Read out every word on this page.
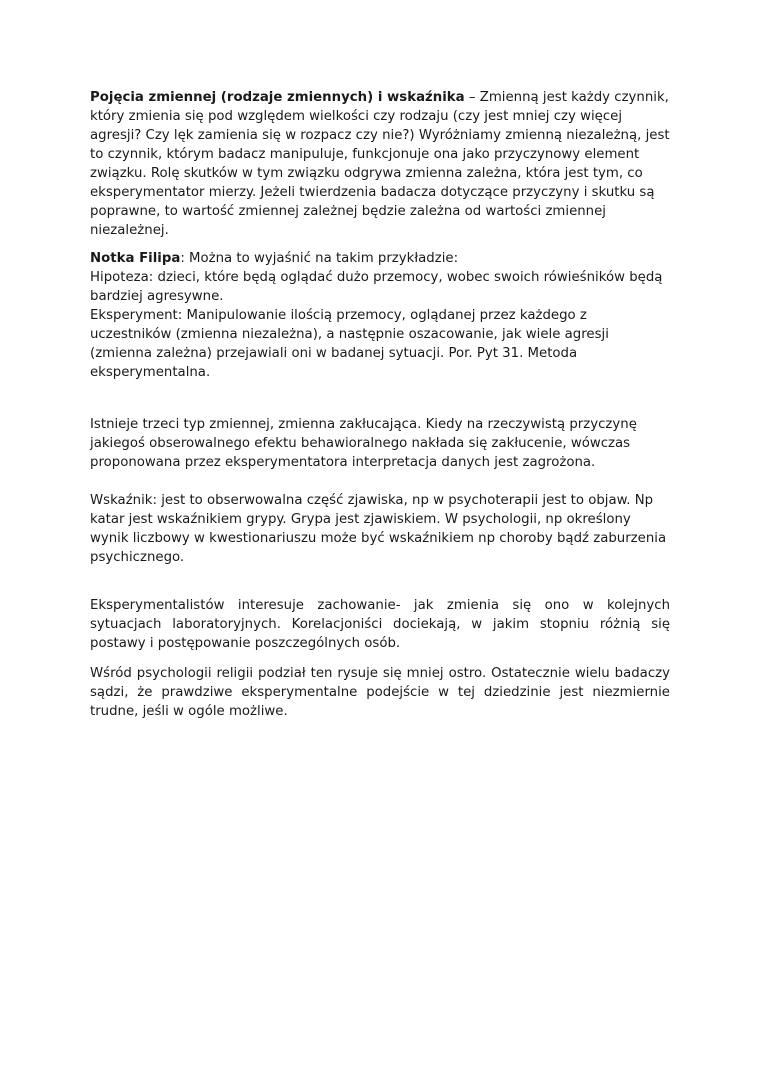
Pojęcia zmiennej (rodzaje zmiennych) i wskaźnika – Zmienną jest każdy czynnik, który zmienia się pod względem wielkości czy rodzaju (czy jest mniej czy więcej agresji? Czy lęk zamienia się w rozpacz czy nie?) Wyróżniamy zmienną niezależną, jest to czynnik, którym badacz manipuluje, funkcjonuje ona jako przyczynowy element związku. Rolę skutków w tym związku odgrywa zmienna zależna, która jest tym, co eksperymentator mierzy. Jeżeli twierdzenia badacza dotyczące przyczyny i skutku są poprawne, to wartość zmiennej zależnej będzie zależna od wartości zmiennej niezależnej.

Notka Filipa: Można to wyjaśnić na takim przykładzie:

Hipoteza: dzieci, które będą oglądać dużo przemocy, wobec swoich rówieśników będą bardziej agresywne.

Eksperyment: Manipulowanie ilością przemocy, oglądanej przez każdego z uczestników (zmienna niezależna), a następnie oszacowanie, jak wiele agresji (zmienna zależna) przejawiali oni w badanej sytuacji. Por. Pyt 31. Metoda eksperymentalna.

Istnieje trzeci typ zmiennej, zmienna zakłucająca. Kiedy na rzeczywistą przyczynę jakiegoś obserowalnego efektu behawioralnego nakłada się zakłucenie, wówczas proponowana przez eksperymentatora interpretacja danych jest zagrożona.

Wskaźnik: jest to obserwowalna część zjawiska, np w psychoterapii jest to objaw. Np katar jest wskaźnikiem grypy. Grypa jest zjawiskiem. W psychologii, np określony wynik liczbowy w kwestionariuszu może być wskaźnikiem np choroby bądź zaburzenia psychicznego.

Eksperymentalistów interesuje zachowanie- jak zmienia się ono w kolejnych sytuacjach laboratoryjnych. Korelacjoniści dociekają, w jakim stopniu różnią się postawy i postępowanie poszczególnych osób.

Wśród psychologii religii podział ten rysuje się mniej ostro. Ostatecznie wielu badaczy sądzi, że prawdziwe eksperymentalne podejście w tej dziedzinie jest niezmiernie trudne, jeśli w ogóle możliwe.
